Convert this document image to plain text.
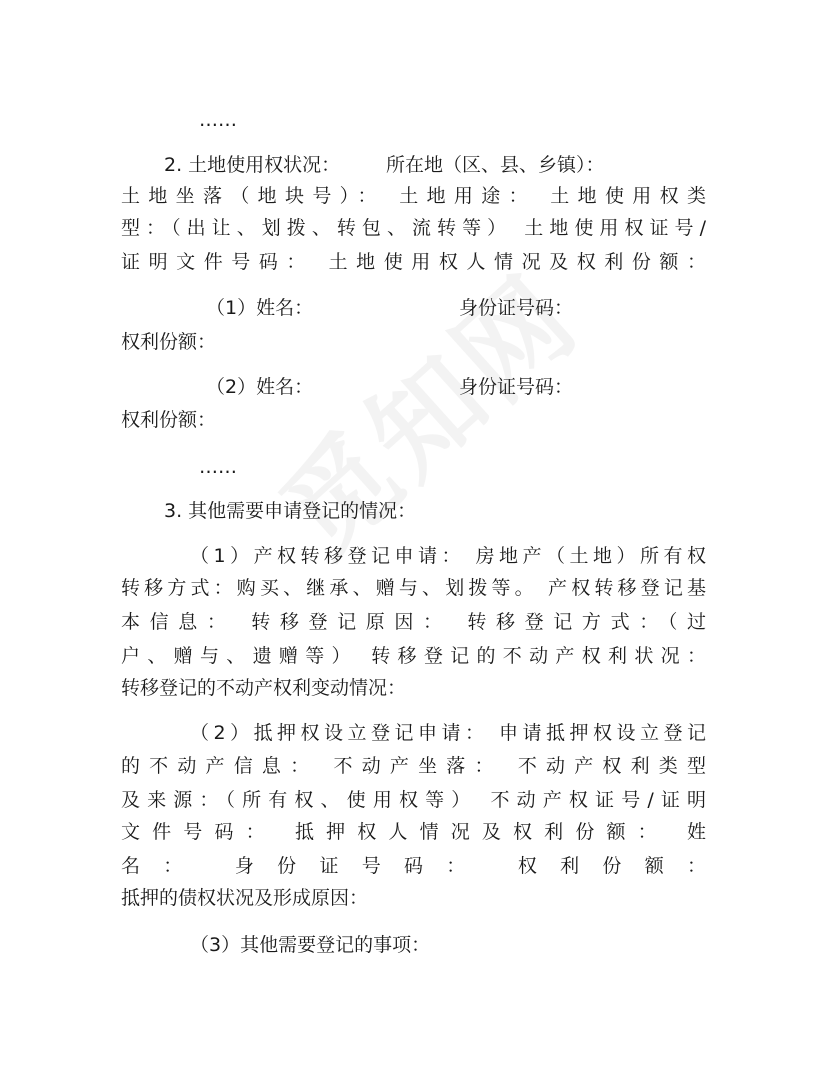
……
2. 土地使用权状况： 所在地（区、县、乡镇）：
土地坐落（地块号）： 土地用途： 土地使用权类
型：（出让、划拨、转包、流转等） 土地使用权证号/
证明文件号码： 土地使用权人情况及权利份额：
（1）姓名：	身份证号码：
权利份额：
（2）姓名：	身份证号码：
权利份额：
……
3. 其他需要申请登记的情况：
（1）产权转移登记申请： 房地产（土地）所有权
转移方式：购买、继承、赠与、划拨等。 产权转移登记基
本信息： 转移登记原因： 转移登记方式：（过
户、赠与、遗赠等） 转移登记的不动产权利状况：
转移登记的不动产权利变动情况：
（2）抵押权设立登记申请： 申请抵押权设立登记
的不动产信息： 不动产坐落： 不动产权利类型
及来源：（所有权、使用权等） 不动产权证号/证明
文件号码： 抵押权人情况及权利份额： 姓
名： 身份证号码： 权利份额：
抵押的债权状况及形成原因：
（3）其他需要登记的事项：
